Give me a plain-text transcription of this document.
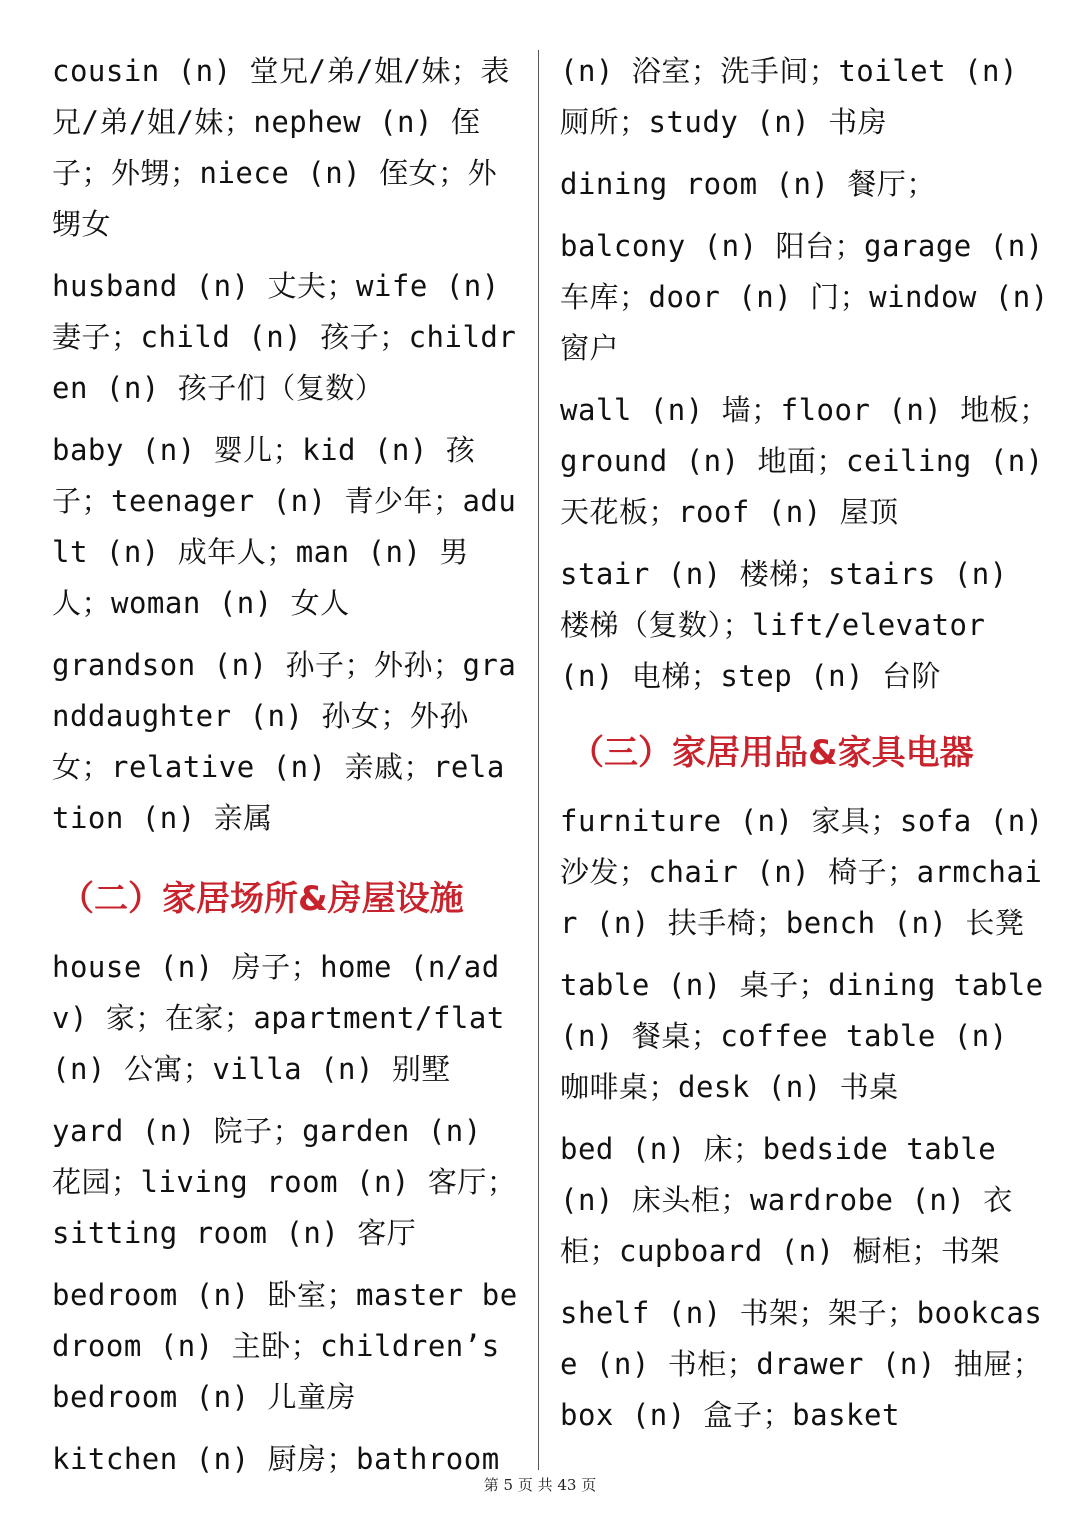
cousin (n) 堂兄/弟/姐/妹；表兄/弟/姐/妹；nephew (n) 侄子；外甥；niece (n) 侄女；外甥女

husband (n) 丈夫；wife (n) 妻子；child (n) 孩子；children (n) 孩子们（复数）

baby (n) 婴儿；kid (n) 孩子；teenager (n) 青少年；adult (n) 成年人；man (n) 男人；woman (n) 女人

grandson (n) 孙子；外孙；granddaughter (n) 孙女；外孙女；relative (n) 亲戚；relation (n) 亲属

（二）家居场所&房屋设施

house (n) 房子；home (n/adv) 家；在家；apartment/flat (n) 公寓；villa (n) 别墅

yard (n) 院子；garden (n) 花园；living room (n) 客厅；sitting room (n) 客厅

bedroom (n) 卧室；master bedroom (n) 主卧；children’s bedroom (n) 儿童房

kitchen (n) 厨房；bathroom

(n) 浴室；洗手间；toilet (n) 厕所；study (n) 书房

dining room (n) 餐厅；

balcony (n) 阳台；garage (n) 车库；door (n) 门；window (n) 窗户

wall (n) 墙；floor (n) 地板；ground (n) 地面；ceiling (n) 天花板；roof (n) 屋顶

stair (n) 楼梯；stairs (n) 楼梯（复数）；lift/elevator (n) 电梯；step (n) 台阶

（三）家居用品&家具电器

furniture (n) 家具；sofa (n) 沙发；chair (n) 椅子；armchair (n) 扶手椅；bench (n) 长凳

table (n) 桌子；dining table (n) 餐桌；coffee table (n) 咖啡桌；desk (n) 书桌

bed (n) 床；bedside table (n) 床头柜；wardrobe (n) 衣柜；cupboard (n) 橱柜；书架

shelf (n) 书架；架子；bookcase (n) 书柜；drawer (n) 抽屉；box (n) 盒子；basket

第 5 页 共 43 页
